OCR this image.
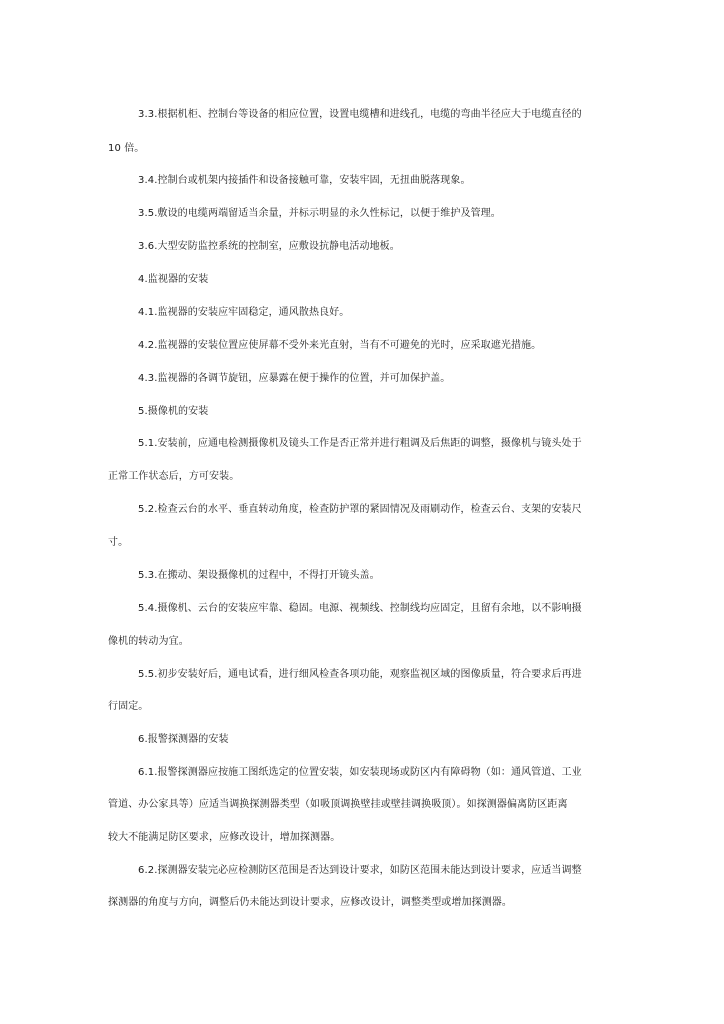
3.3.根据机柜、控制台等设备的相应位置，设置电缆槽和进线孔，电缆的弯曲半径应大于电缆直径的
10 倍。
3.4.控制台或机架内接插件和设备接触可靠，安装牢固，无扭曲脱落现象。
3.5.敷设的电缆两端留适当余量，并标示明显的永久性标记，以便于维护及管理。
3.6.大型安防监控系统的控制室，应敷设抗静电活动地板。
4.监视器的安装
4.1.监视器的安装应牢固稳定，通风散热良好。
4.2.监视器的安装位置应使屏幕不受外来光直射，当有不可避免的光时，应采取遮光措施。
4.3.监视器的各调节旋钮，应暴露在便于操作的位置，并可加保护盖。
5.摄像机的安装
5.1.安装前，应通电检测摄像机及镜头工作是否正常并进行粗调及后焦距的调整，摄像机与镜头处于
正常工作状态后，方可安装。
5.2.检查云台的水平、垂直转动角度，检查防护罩的紧固情况及雨刷动作，检查云台、支架的安装尺
寸。
5.3.在搬动、架设摄像机的过程中，不得打开镜头盖。
5.4.摄像机、云台的安装应牢靠、稳固。电源、视频线、控制线均应固定，且留有余地，以不影响摄
像机的转动为宜。
5.5.初步安装好后，通电试看，进行细风检查各项功能，观察监视区域的图像质量，符合要求后再进
行固定。
6.报警探测器的安装
6.1.报警探测器应按施工图纸选定的位置安装，如安装现场或防区内有障碍物（如：通风管道、工业
管道、办公家具等）应适当调换探测器类型（如吸顶调换壁挂或壁挂调换吸顶）。如探测器偏离防区距离
较大不能满足防区要求，应修改设计，增加探测器。
6.2.探测器安装完必应检测防区范围是否达到设计要求，如防区范围未能达到设计要求，应适当调整
探测器的角度与方向，调整后仍未能达到设计要求，应修改设计，调整类型或增加探测器。
